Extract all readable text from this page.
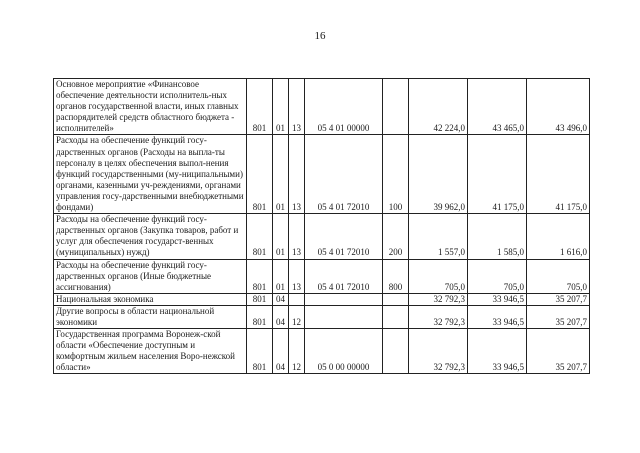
16
Основное мероприятие «Финансовое обеспечение деятельности исполнитель-ных органов государственной власти, иных главных распорядителей средств областного бюджета - исполнителей»	801	01	13	05 4 01 00000		42 224,0	43 465,0	43 496,0
Расходы на обеспечение функций госу-дарственных органов (Расходы на выпла-ты персоналу в целях обеспечения выпол-нения функций государственными (му-ниципальными) органами, казенными уч-реждениями, органами управления госу-дарственными внебюджетными фондами)	801	01	13	05 4 01 72010	100	39 962,0	41 175,0	41 175,0
Расходы на обеспечение функций госу-дарственных органов (Закупка товаров, работ и услуг для обеспечения государст-венных (муниципальных) нужд)	801	01	13	05 4 01 72010	200	1 557,0	1 585,0	1 616,0
Расходы на обеспечение функций госу-дарственных органов (Иные бюджетные ассигнования)	801	01	13	05 4 01 72010	800	705,0	705,0	705,0
Национальная экономика	801	04				32 792,3	33 946,5	35 207,7
Другие вопросы в области национальной экономики	801	04	12			32 792,3	33 946,5	35 207,7
Государственная программа Воронеж-ской области «Обеспечение доступным и комфортным жильем населения Воро-нежской области»	801	04	12	05 0 00 00000		32 792,3	33 946,5	35 207,7
